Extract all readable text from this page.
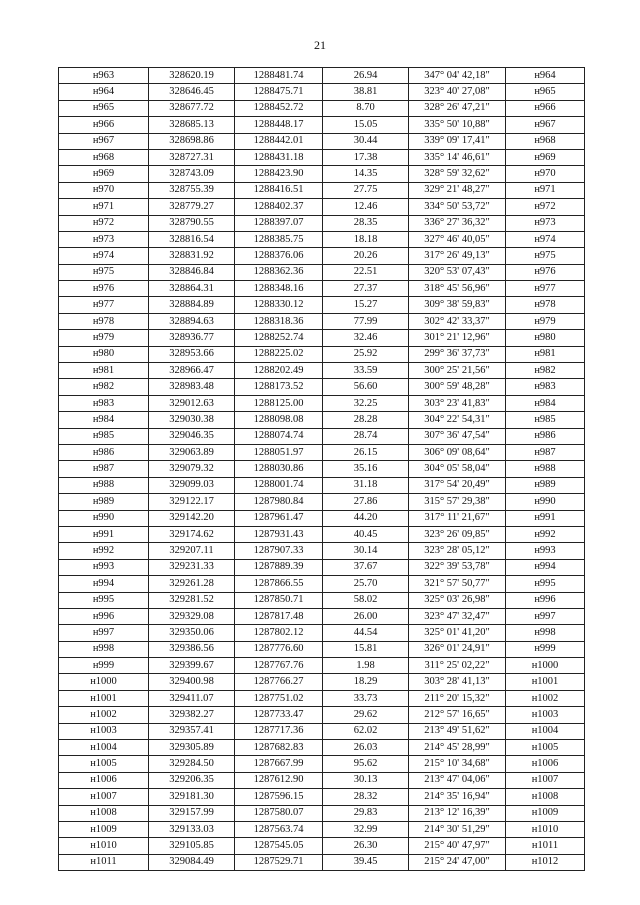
21
н963	328620.19	1288481.74	26.94	347° 04' 42,18"	н964
н964	328646.45	1288475.71	38.81	323° 40' 27,08"	н965
н965	328677.72	1288452.72	8.70	328° 26' 47,21"	н966
н966	328685.13	1288448.17	15.05	335° 50' 10,88"	н967
н967	328698.86	1288442.01	30.44	339° 09' 17,41"	н968
н968	328727.31	1288431.18	17.38	335° 14' 46,61"	н969
н969	328743.09	1288423.90	14.35	328° 59' 32,62"	н970
н970	328755.39	1288416.51	27.75	329° 21' 48,27"	н971
н971	328779.27	1288402.37	12.46	334° 50' 53,72"	н972
н972	328790.55	1288397.07	28.35	336° 27' 36,32"	н973
н973	328816.54	1288385.75	18.18	327° 46' 40,05"	н974
н974	328831.92	1288376.06	20.26	317° 26' 49,13"	н975
н975	328846.84	1288362.36	22.51	320° 53' 07,43"	н976
н976	328864.31	1288348.16	27.37	318° 45' 56,96"	н977
н977	328884.89	1288330.12	15.27	309° 38' 59,83"	н978
н978	328894.63	1288318.36	77.99	302° 42' 33,37"	н979
н979	328936.77	1288252.74	32.46	301° 21' 12,96"	н980
н980	328953.66	1288225.02	25.92	299° 36' 37,73"	н981
н981	328966.47	1288202.49	33.59	300° 25' 21,56"	н982
н982	328983.48	1288173.52	56.60	300° 59' 48,28"	н983
н983	329012.63	1288125.00	32.25	303° 23' 41,83"	н984
н984	329030.38	1288098.08	28.28	304° 22' 54,31"	н985
н985	329046.35	1288074.74	28.74	307° 36' 47,54"	н986
н986	329063.89	1288051.97	26.15	306° 09' 08,64"	н987
н987	329079.32	1288030.86	35.16	304° 05' 58,04"	н988
н988	329099.03	1288001.74	31.18	317° 54' 20,49"	н989
н989	329122.17	1287980.84	27.86	315° 57' 29,38"	н990
н990	329142.20	1287961.47	44.20	317° 11' 21,67"	н991
н991	329174.62	1287931.43	40.45	323° 26' 09,85"	н992
н992	329207.11	1287907.33	30.14	323° 28' 05,12"	н993
н993	329231.33	1287889.39	37.67	322° 39' 53,78"	н994
н994	329261.28	1287866.55	25.70	321° 57' 50,77"	н995
н995	329281.52	1287850.71	58.02	325° 03' 26,98"	н996
н996	329329.08	1287817.48	26.00	323° 47' 32,47"	н997
н997	329350.06	1287802.12	44.54	325° 01' 41,20"	н998
н998	329386.56	1287776.60	15.81	326° 01' 24,91"	н999
н999	329399.67	1287767.76	1.98	311° 25' 02,22"	н1000
н1000	329400.98	1287766.27	18.29	303° 28' 41,13"	н1001
н1001	329411.07	1287751.02	33.73	211° 20' 15,32"	н1002
н1002	329382.27	1287733.47	29.62	212° 57' 16,65"	н1003
н1003	329357.41	1287717.36	62.02	213° 49' 51,62"	н1004
н1004	329305.89	1287682.83	26.03	214° 45' 28,99"	н1005
н1005	329284.50	1287667.99	95.62	215° 10' 34,68"	н1006
н1006	329206.35	1287612.90	30.13	213° 47' 04,06"	н1007
н1007	329181.30	1287596.15	28.32	214° 35' 16,94"	н1008
н1008	329157.99	1287580.07	29.83	213° 12' 16,39"	н1009
н1009	329133.03	1287563.74	32.99	214° 30' 51,29"	н1010
н1010	329105.85	1287545.05	26.30	215° 40' 47,97"	н1011
н1011	329084.49	1287529.71	39.45	215° 24' 47,00"	н1012
